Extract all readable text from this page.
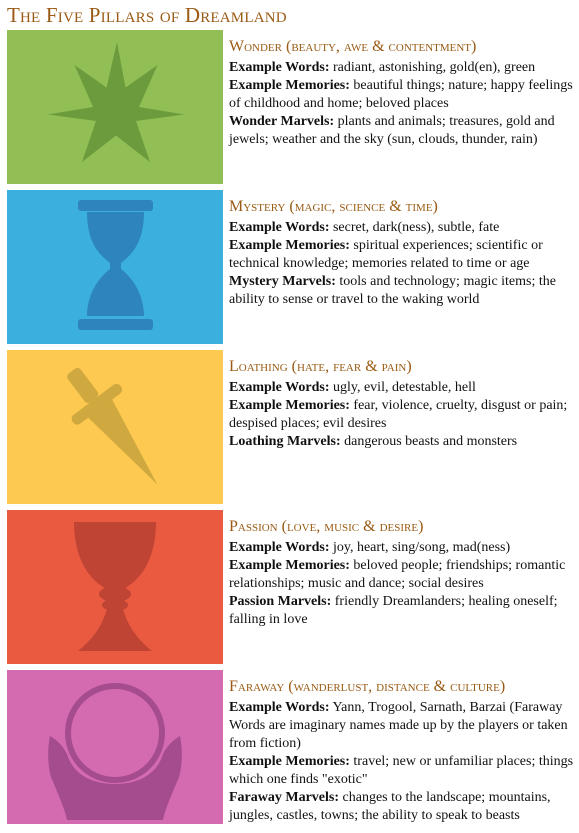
The Five Pillars of Dreamland
Wonder (beauty, awe & contentment)

Example Words: radiant, astonishing, gold(en), green

Example Memories: beautiful things; nature; happy feelings of childhood and home; beloved places

Wonder Marvels: plants and animals; treasures, gold and jewels; weather and the sky (sun, clouds, thunder, rain)

Mystery (magic, science & time)

Example Words: secret, dark(ness), subtle, fate

Example Memories: spiritual experiences; scientific or technical knowledge; memories related to time or age

Mystery Marvels: tools and technology; magic items; the ability to sense or travel to the waking world

Loathing (hate, fear & pain)

Example Words: ugly, evil, detestable, hell

Example Memories: fear, violence, cruelty, disgust or pain; despised places; evil desires

Loathing Marvels: dangerous beasts and monsters

Passion (love, music & desire)

Example Words: joy, heart, sing/song, mad(ness)

Example Memories: beloved people; friendships; romantic relationships; music and dance; social desires

Passion Marvels: friendly Dreamlanders; healing oneself; falling in love

Faraway (wanderlust, distance & culture)

Example Words: Yann, Trogool, Sarnath, Barzai (Faraway Words are imaginary names made up by the players or taken from fiction)

Example Memories: travel; new or unfamiliar places; things which one finds "exotic"

Faraway Marvels: changes to the landscape; mountains, jungles, castles, towns; the ability to speak to beasts
